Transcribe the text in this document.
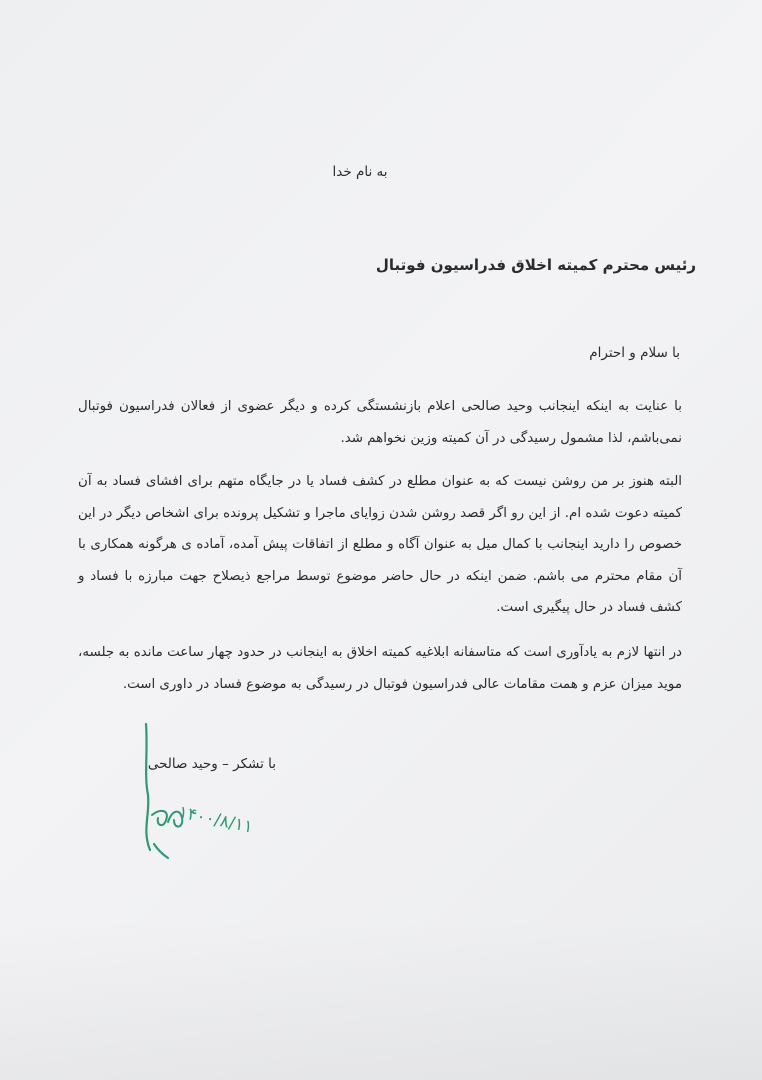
به نام خدا
رئیس محترم کمیته اخلاق فدراسیون فوتبال
با سلام و احترام
با عنایت به اینکه اینجانب وحید صالحی اعلام بازنشستگی کرده و دیگر عضوی از فعالان فدراسیون فوتبال نمی‌باشم، لذا مشمول رسیدگی در آن کمیته وزین نخواهم شد.
البته هنوز بر من روشن نیست که به عنوان مطلع در کشف فساد یا در جایگاه متهم برای افشای فساد به آن کمیته دعوت شده ام. از این رو اگر قصد روشن شدن زوایای ماجرا و تشکیل پرونده برای اشخاص دیگر در این خصوص را دارید اینجانب با کمال میل به عنوان آگاه و مطلع از اتفاقات پیش آمده، آماده ی هرگونه همکاری با آن مقام محترم می باشم. ضمن اینکه در حال حاضر موضوع توسط مراجع ذیصلاح جهت مبارزه با فساد و کشف فساد در حال پیگیری است.
در انتها لازم به یادآوری است که متاسفانه ابلاغیه کمیته اخلاق به اینجانب در حدود چهار ساعت مانده به جلسه، موید میزان عزم و همت مقامات عالی فدراسیون فوتبال در رسیدگی به موضوع فساد در داوری است.
با تشکر – وحید صالحی
۱۴۰۰/۸/۱۱
